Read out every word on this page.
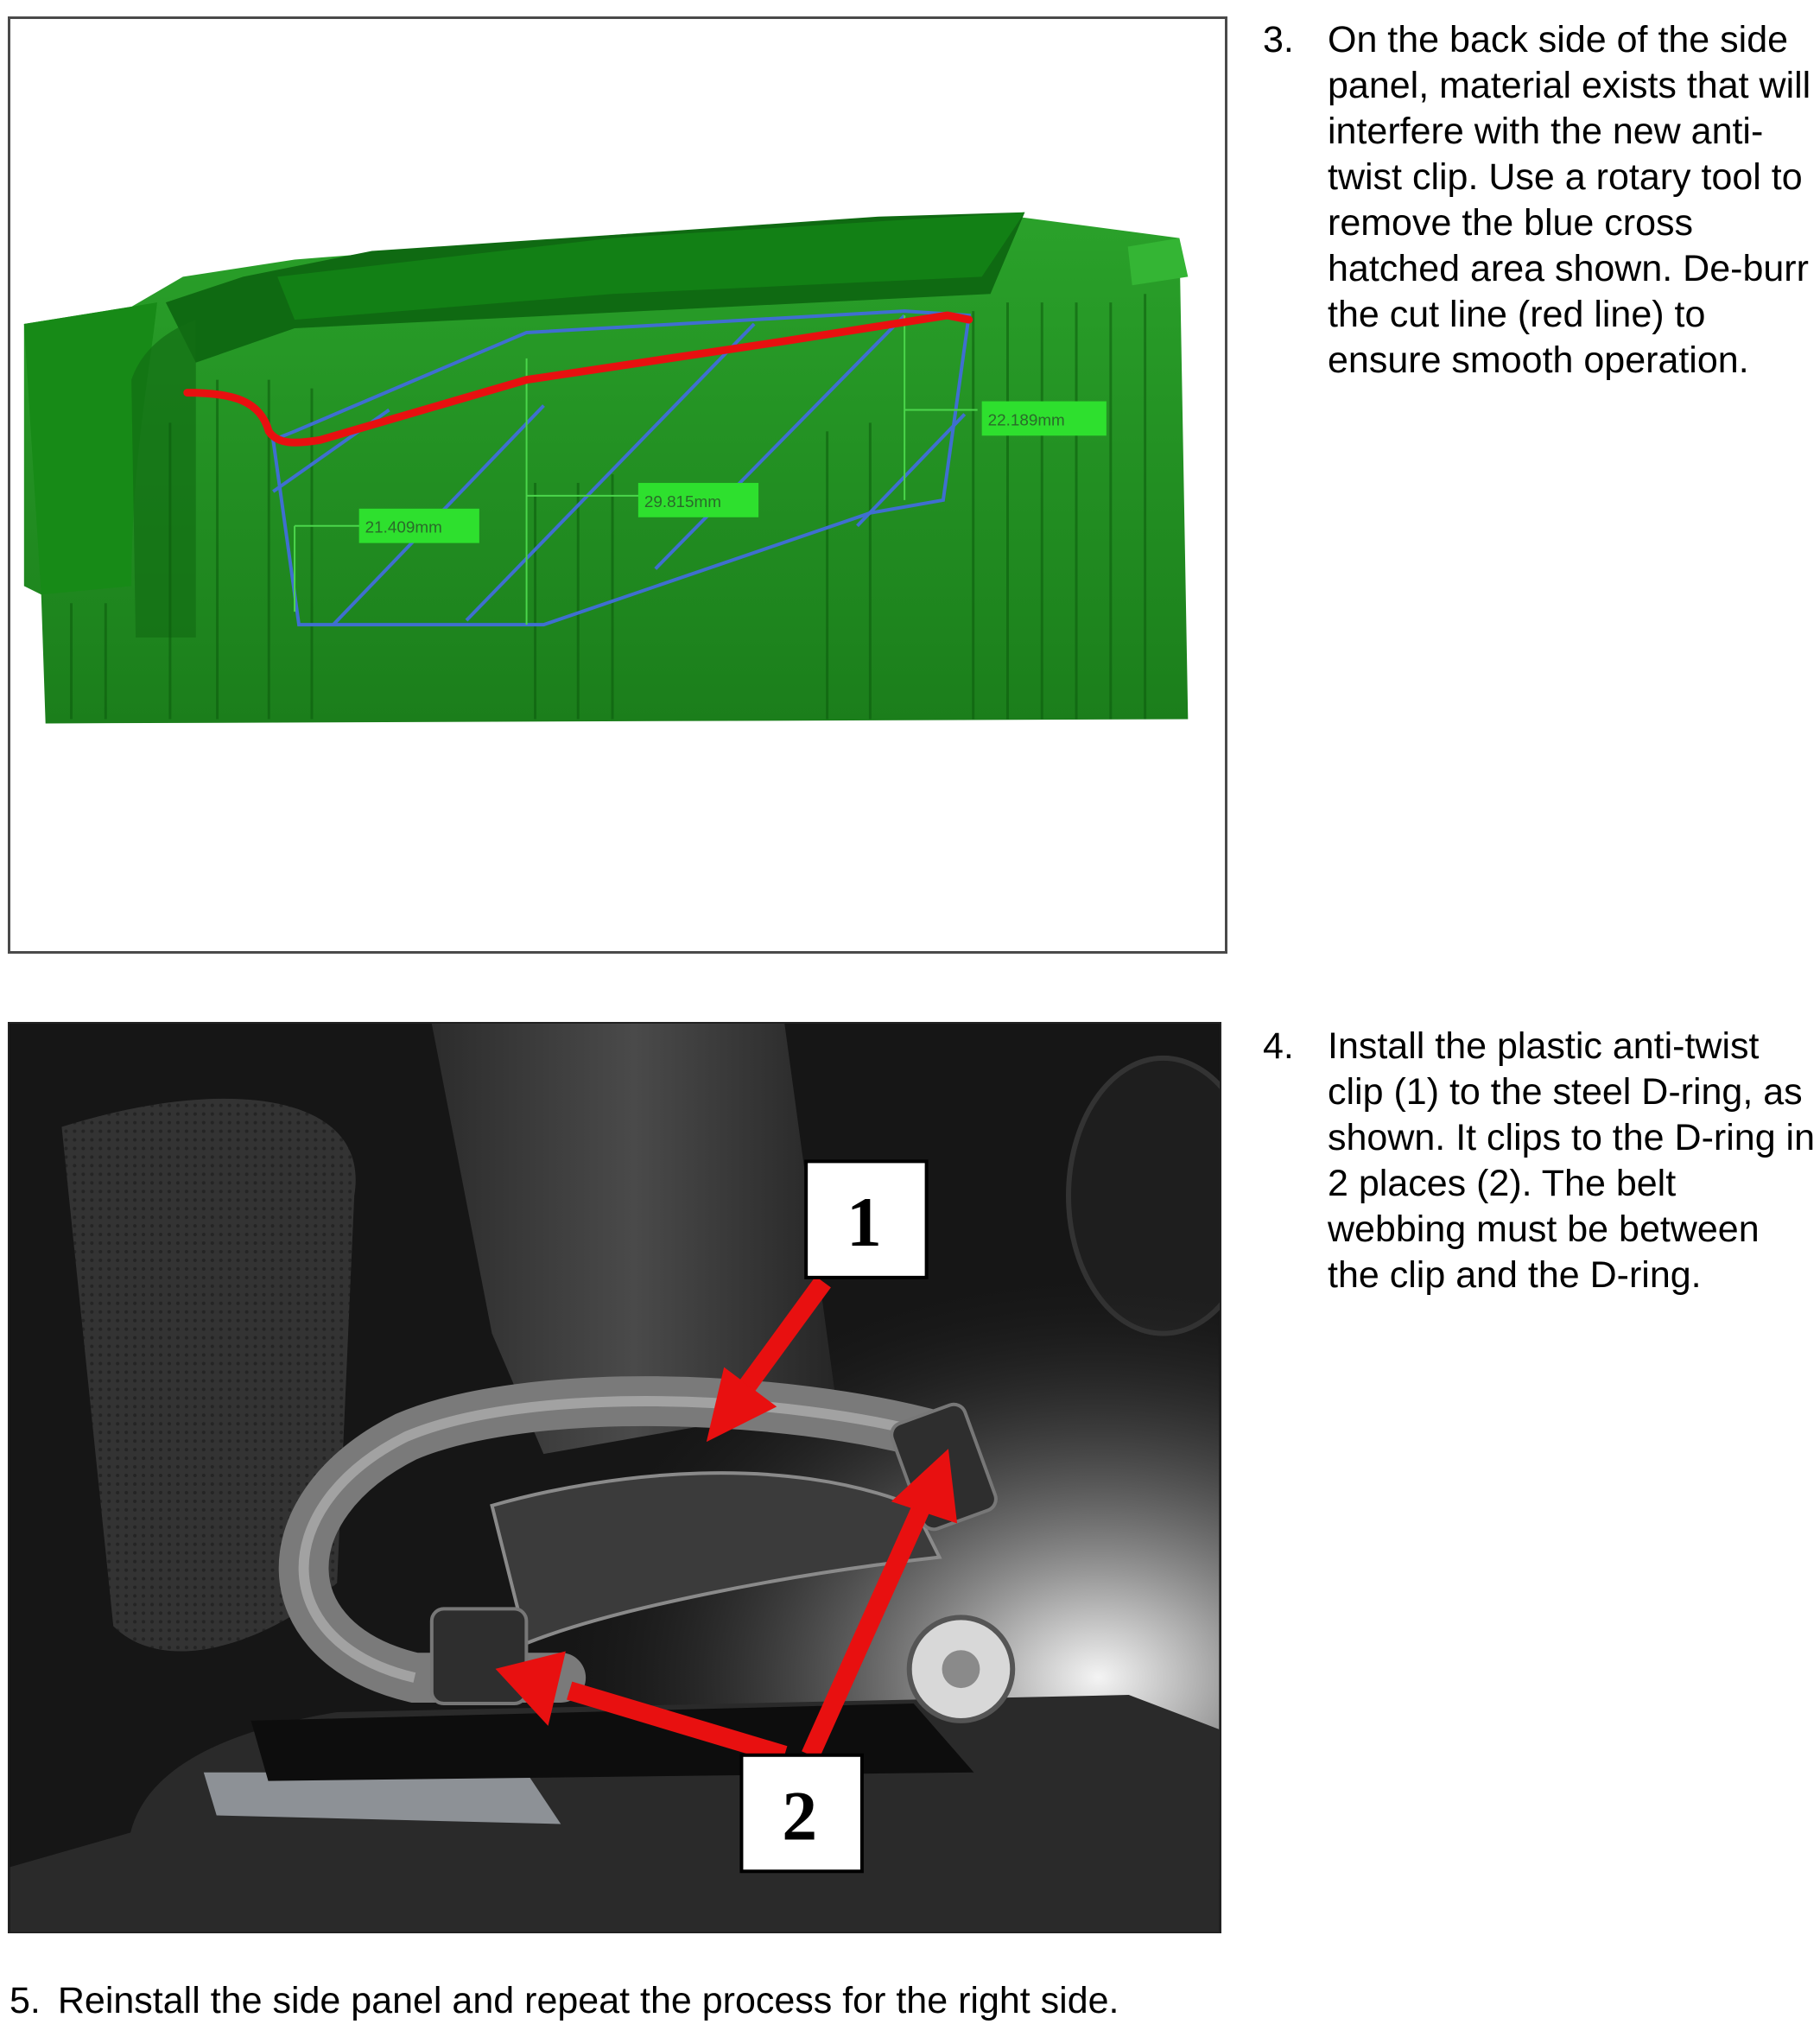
21.409mm
29.815mm
22.189mm
3. On the back side of the side panel, material exists that will interfere with the new anti-twist clip. Use a rotary tool to remove the blue cross hatched area shown. De-burr the cut line (red line) to ensure smooth operation.
1
2
4. Install the plastic anti-twist clip (1) to the steel D-ring, as shown. It clips to the D-ring in 2 places (2). The belt webbing must be between the clip and the D-ring.
5. Reinstall the side panel and repeat the process for the right side.
